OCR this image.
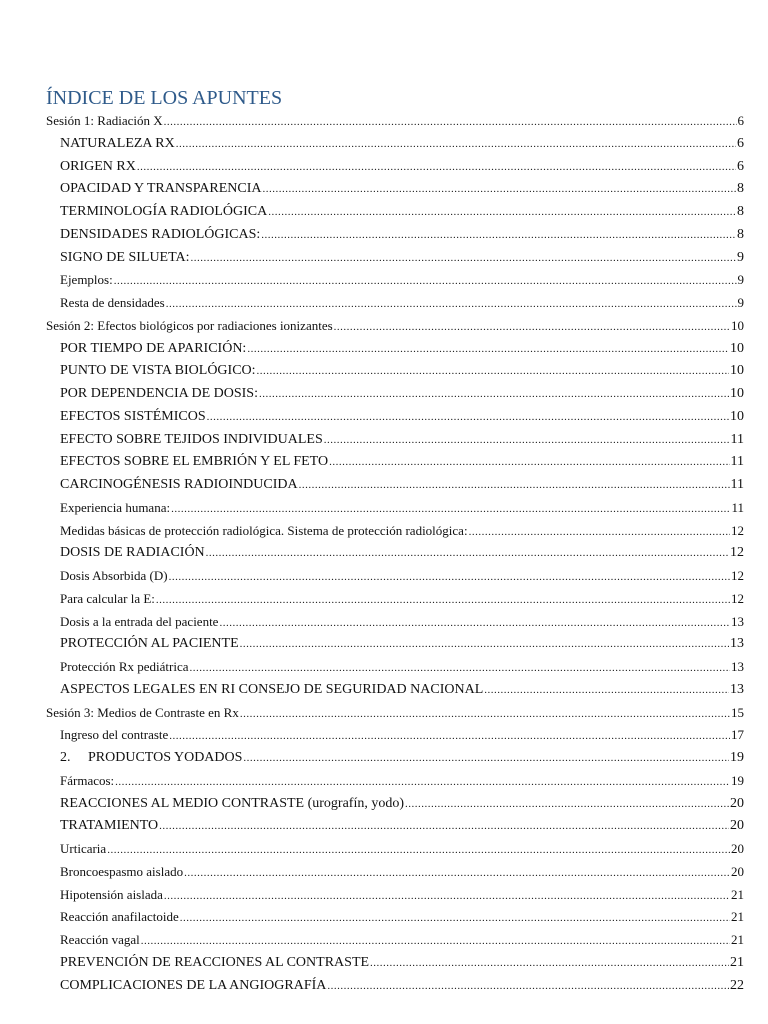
ÍNDICE DE LOS APUNTES
Sesión 1: Radiación X .....	6
NATURALEZA RX .....	6
ORIGEN RX .....	6
OPACIDAD Y TRANSPARENCIA .....	8
TERMINOLOGÍA RADIOLÓGICA .....	8
DENSIDADES RADIOLÓGICAS: .....	8
SIGNO DE SILUETA: .....	9
Ejemplos: .....	9
Resta de densidades .....	9
Sesión 2: Efectos biológicos por radiaciones ionizantes .....	10
POR TIEMPO DE APARICIÓN: .....	10
PUNTO DE VISTA BIOLÓGICO: .....	10
POR DEPENDENCIA DE DOSIS: .....	10
EFECTOS SISTÉMICOS .....	10
EFECTO SOBRE TEJIDOS INDIVIDUALES .....	11
EFECTOS SOBRE EL EMBRIÓN Y EL FETO .....	11
CARCINOGÉNESIS RADIOINDUCIDA .....	11
Experiencia humana: .....	11
Medidas básicas de protección radiológica. Sistema de protección radiológica: .....	12
DOSIS DE RADIACIÓN .....	12
Dosis Absorbida (D) .....	12
Para calcular la E: .....	12
Dosis a la entrada del paciente .....	13
PROTECCIÓN AL PACIENTE .....	13
Protección Rx pediátrica .....	13
ASPECTOS LEGALES EN RI CONSEJO DE SEGURIDAD NACIONAL .....	13
Sesión 3: Medios de Contraste en Rx .....	15
Ingreso del contraste .....	17
2. PRODUCTOS YODADOS .....	19
Fármacos: .....	19
REACCIONES AL MEDIO CONTRASTE (urografín, yodo) .....	20
TRATAMIENTO .....	20
Urticaria .....	20
Broncoespasmo aislado .....	20
Hipotensión aislada .....	21
Reacción anafilactoide .....	21
Reacción vagal .....	21
PREVENCIÓN DE REACCIONES AL CONTRASTE .....	21
COMPLICACIONES DE LA ANGIOGRAFÍA .....	22
